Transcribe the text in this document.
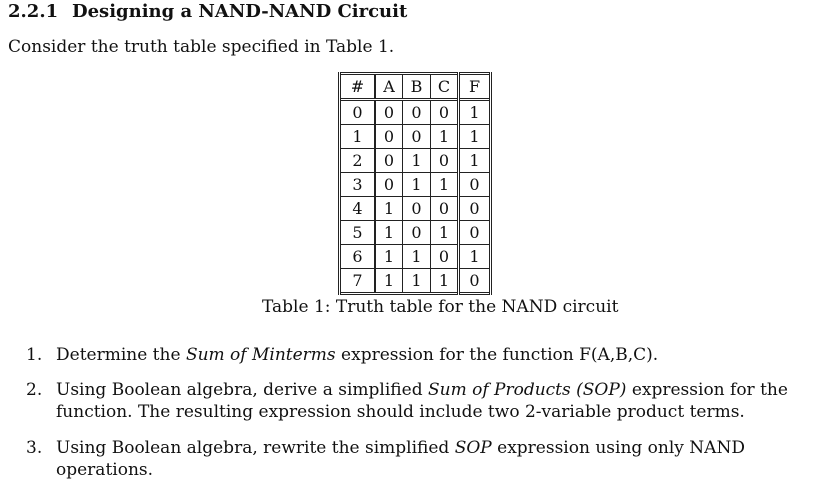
2.2.1 Designing a NAND-NAND Circuit
Consider the truth table specified in Table 1.
#	A	B	C	F
0	0	0	0	1
1	0	0	1	1
2	0	1	0	1
3	0	1	1	0
4	1	0	0	0
5	1	0	1	0
6	1	1	0	1
7	1	1	1	0
Table 1: Truth table for the NAND circuit
1. Determine the Sum of Minterms expression for the function F(A,B,C).
2. Using Boolean algebra, derive a simplified Sum of Products (SOP) expression for the function. The resulting expression should include two 2-variable product terms.
3. Using Boolean algebra, rewrite the simplified SOP expression using only NAND operations.
